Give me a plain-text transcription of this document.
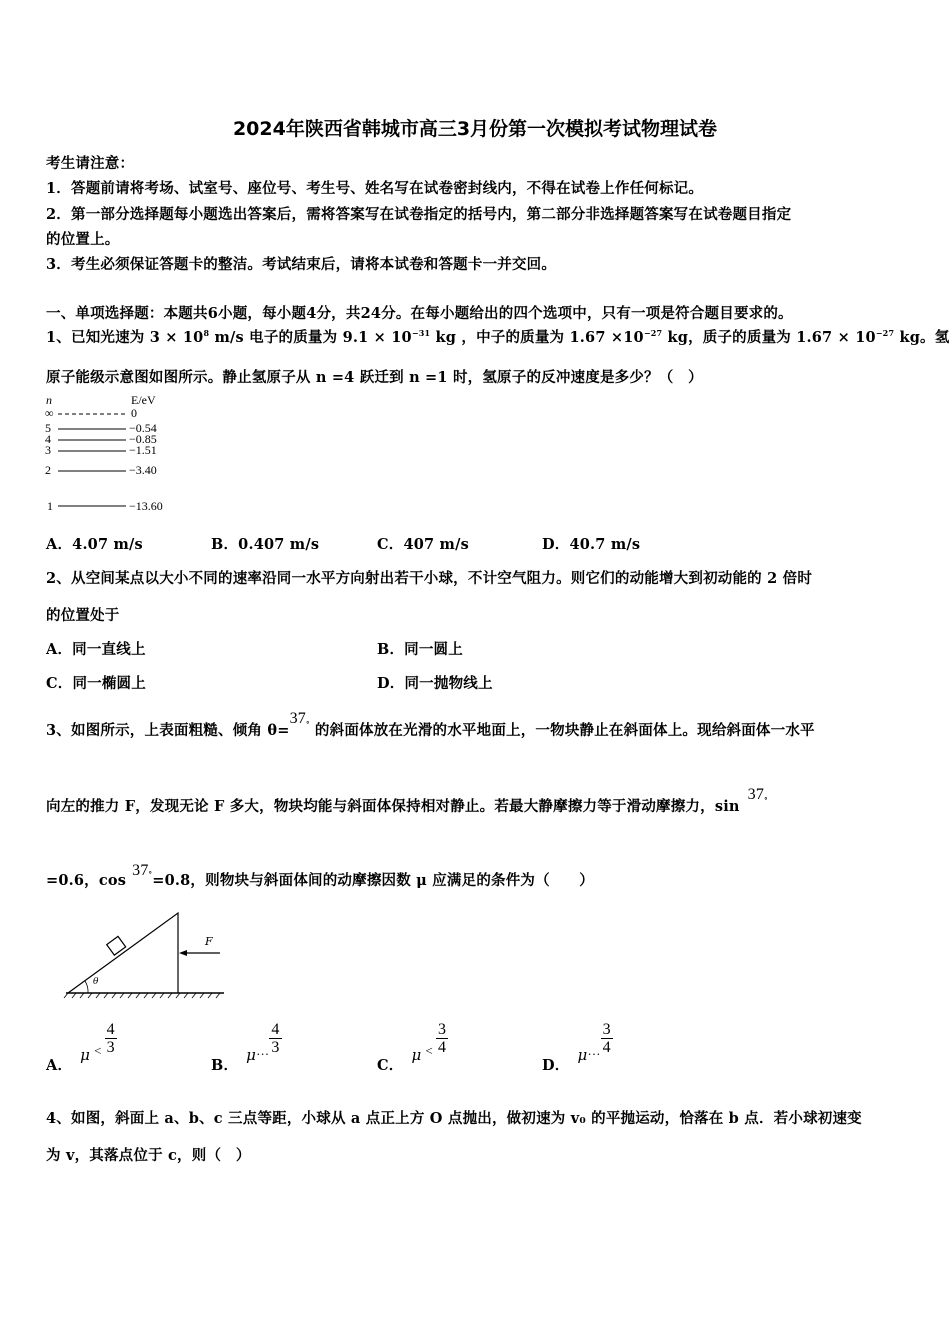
2024年陕西省韩城市高三3月份第一次模拟考试物理试卷
考生请注意：
1．答题前请将考场、试室号、座位号、考生号、姓名写在试卷密封线内，不得在试卷上作任何标记。
2．第一部分选择题每小题选出答案后，需将答案写在试卷指定的括号内，第二部分非选择题答案写在试卷题目指定
的位置上。
3．考生必须保证答题卡的整洁。考试结束后，请将本试卷和答题卡一并交回。
一、单项选择题：本题共6小题，每小题4分，共24分。在每小题给出的四个选项中，只有一项是符合题目要求的。
1、已知光速为 $3 \times 10^8$ m/s 电子的质量为 $9.1 \times 10^{-31}$ kg ，中子的质量为 $1.67 \times 10^{-27}$ kg，质子的质量为 $1.67 \times 10^{-27}$ kg。氢
原子能级示意图如图所示。静止氢原子从 n =4 跃迁到 n =1 时，氢原子的反冲速度是多少？（　）
n	E/eV
∞	0
5	−0.54
4	−0.85
3	−1.51
2	−3.40
1	−13.60
A．4.07 m/s	B．0.407 m/s	C．407 m/s	D．40.7 m/s
2、从空间某点以大小不同的速率沿同一水平方向射出若干小球，不计空气阻力。则它们的动能增大到初动能的 2 倍时
的位置处于
A．同一直线上	B．同一圆上
C．同一椭圆上	D．同一抛物线上
3、如图所示，上表面粗糙、倾角 θ=37° 的斜面体放在光滑的水平地面上，一物块静止在斜面体上。现给斜面体一水平
向左的推力 F，发现无论 F 多大，物块均能与斜面体保持相对静止。若最大静摩擦力等于滑动摩擦力，sin37°
=0.6，cos37°=0.8，则物块与斜面体间的动摩擦因数 μ 应满足的条件为（　　）
F
θ
A．$\mu < \frac{4}{3}$
B．μ… $\frac{4}{3}$
C．$\mu < \frac{3}{4}$
D．μ… $\frac{3}{4}$
4、如图，斜面上 a、b、c 三点等距，小球从 a 点正上方 O 点抛出，做初速为 v₀ 的平抛运动，恰落在 b 点．若小球初速变
为 v，其落点位于 c，则（　）
